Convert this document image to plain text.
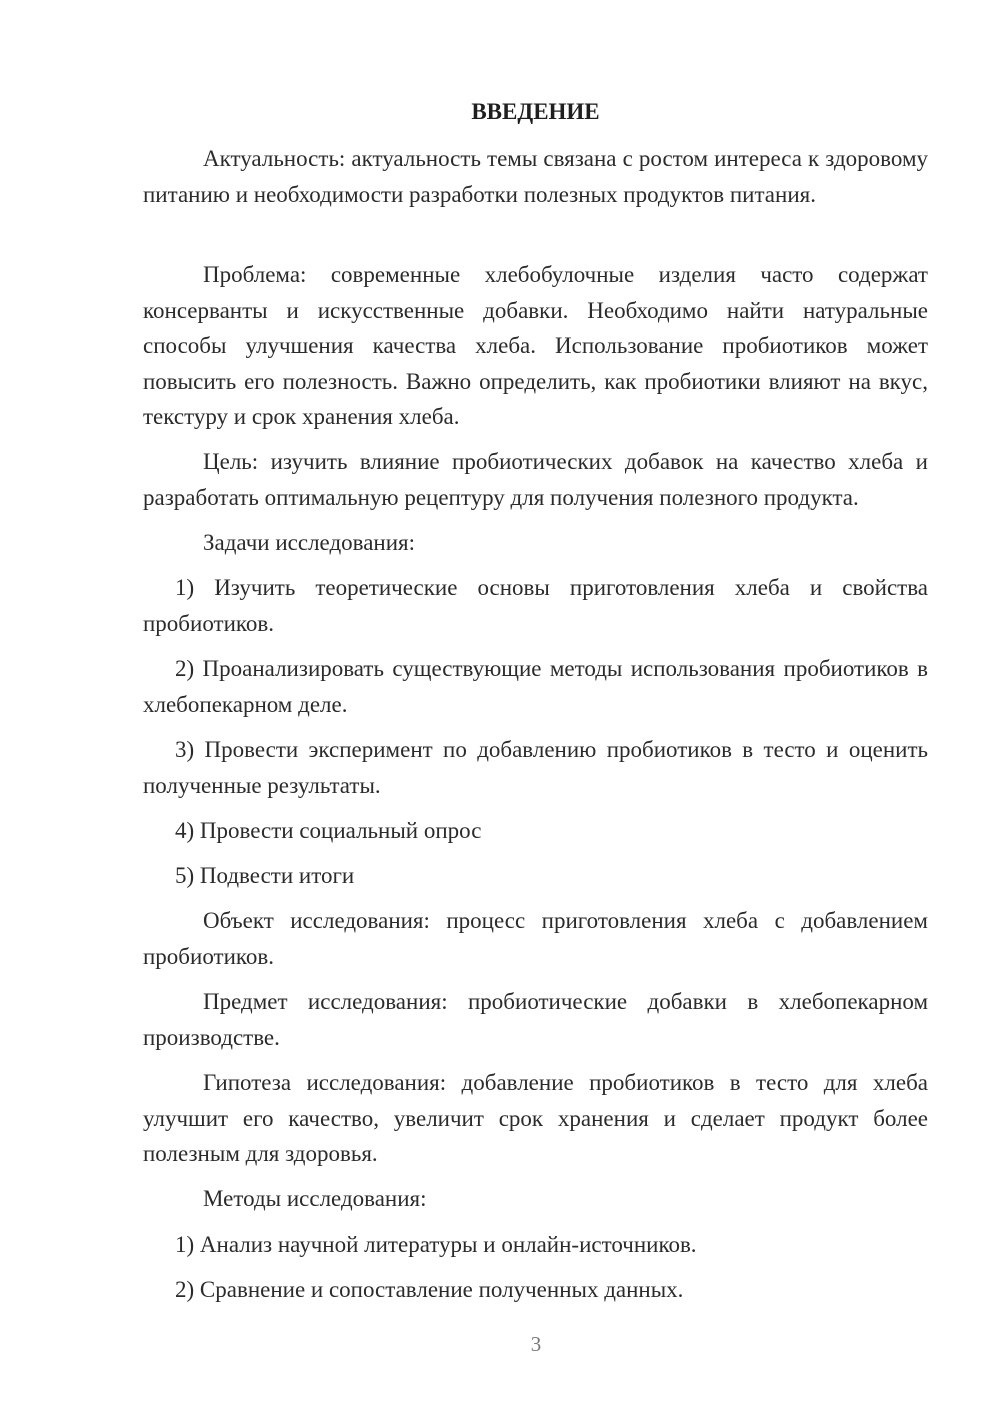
ВВЕДЕНИЕ

Актуальность: актуальность темы связана с ростом интереса к здоровому питанию и необходимости разработки полезных продуктов питания.

Проблема: современные хлебобулочные изделия часто содержат консерванты и искусственные добавки. Необходимо найти натуральные способы улучшения качества хлеба. Использование пробиотиков может повысить его полезность. Важно определить, как пробиотики влияют на вкус, текстуру и срок хранения хлеба.

Цель: изучить влияние пробиотических добавок на качество хлеба и разработать оптимальную рецептуру для получения полезного продукта.

Задачи исследования:

1) Изучить теоретические основы приготовления хлеба и свойства пробиотиков.

2) Проанализировать существующие методы использования пробиотиков в хлебопекарном деле.

3) Провести эксперимент по добавлению пробиотиков в тесто и оценить полученные результаты.

4) Провести социальный опрос

5) Подвести итоги

Объект исследования: процесс приготовления хлеба с добавлением пробиотиков.

Предмет исследования: пробиотические добавки в хлебопекарном производстве.

Гипотеза исследования: добавление пробиотиков в тесто для хлеба улучшит его качество, увеличит срок хранения и сделает продукт более полезным для здоровья.

Методы исследования:

1) Анализ научной литературы и онлайн-источников.

2) Сравнение и сопоставление полученных данных.

3
